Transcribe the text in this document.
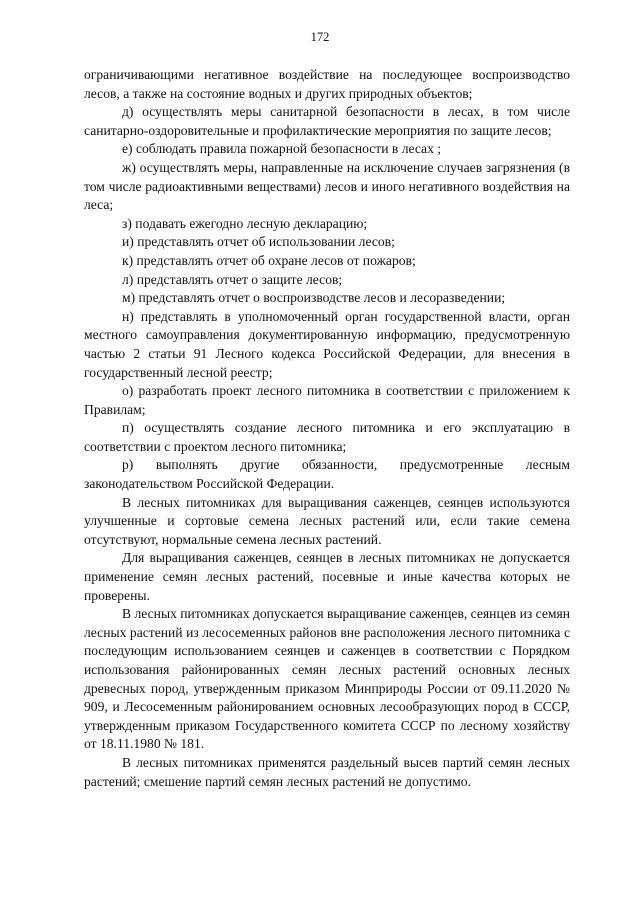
172

ограничивающими негативное воздействие на последующее воспроизводство лесов, а также на состояние водных и других природных объектов;

д) осуществлять меры санитарной безопасности в лесах, в том числе санитарно-оздоровительные и профилактические мероприятия по защите лесов;

е) соблюдать правила пожарной безопасности в лесах ;

ж) осуществлять меры, направленные на исключение случаев загрязнения (в том числе радиоактивными веществами) лесов и иного негативного воздействия на леса;

з) подавать ежегодно лесную декларацию;

и) представлять отчет об использовании лесов;

к) представлять отчет об охране лесов от пожаров;

л) представлять отчет о защите лесов;

м) представлять отчет о воспроизводстве лесов и лесоразведении;

н) представлять в уполномоченный орган государственной власти, орган местного самоуправления документированную информацию, предусмотренную частью 2 статьи 91 Лесного кодекса Российской Федерации, для внесения в государственный лесной реестр;

о) разработать проект лесного питомника в соответствии с приложением к Правилам;

п) осуществлять создание лесного питомника и его эксплуатацию в соответствии с проектом лесного питомника;

р) выполнять другие обязанности, предусмотренные лесным законодательством Российской Федерации.

В лесных питомниках для выращивания саженцев, сеянцев используются улучшенные и сортовые семена лесных растений или, если такие семена отсутствуют, нормальные семена лесных растений.

Для выращивания саженцев, сеянцев в лесных питомниках не допускается применение семян лесных растений, посевные и иные качества которых не проверены.

В лесных питомниках допускается выращивание саженцев, сеянцев из семян лесных растений из лесосеменных районов вне расположения лесного питомника с последующим использованием сеянцев и саженцев в соответствии с Порядком использования районированных семян лесных растений основных лесных древесных пород, утвержденным приказом Минприроды России от 09.11.2020 № 909, и Лесосеменным районированием основных лесообразующих пород в СССР, утвержденным приказом Государственного комитета СССР по лесному хозяйству от 18.11.1980 № 181.

В лесных питомниках применятся раздельный высев партий семян лесных растений; смешение партий семян лесных растений не допустимо.
